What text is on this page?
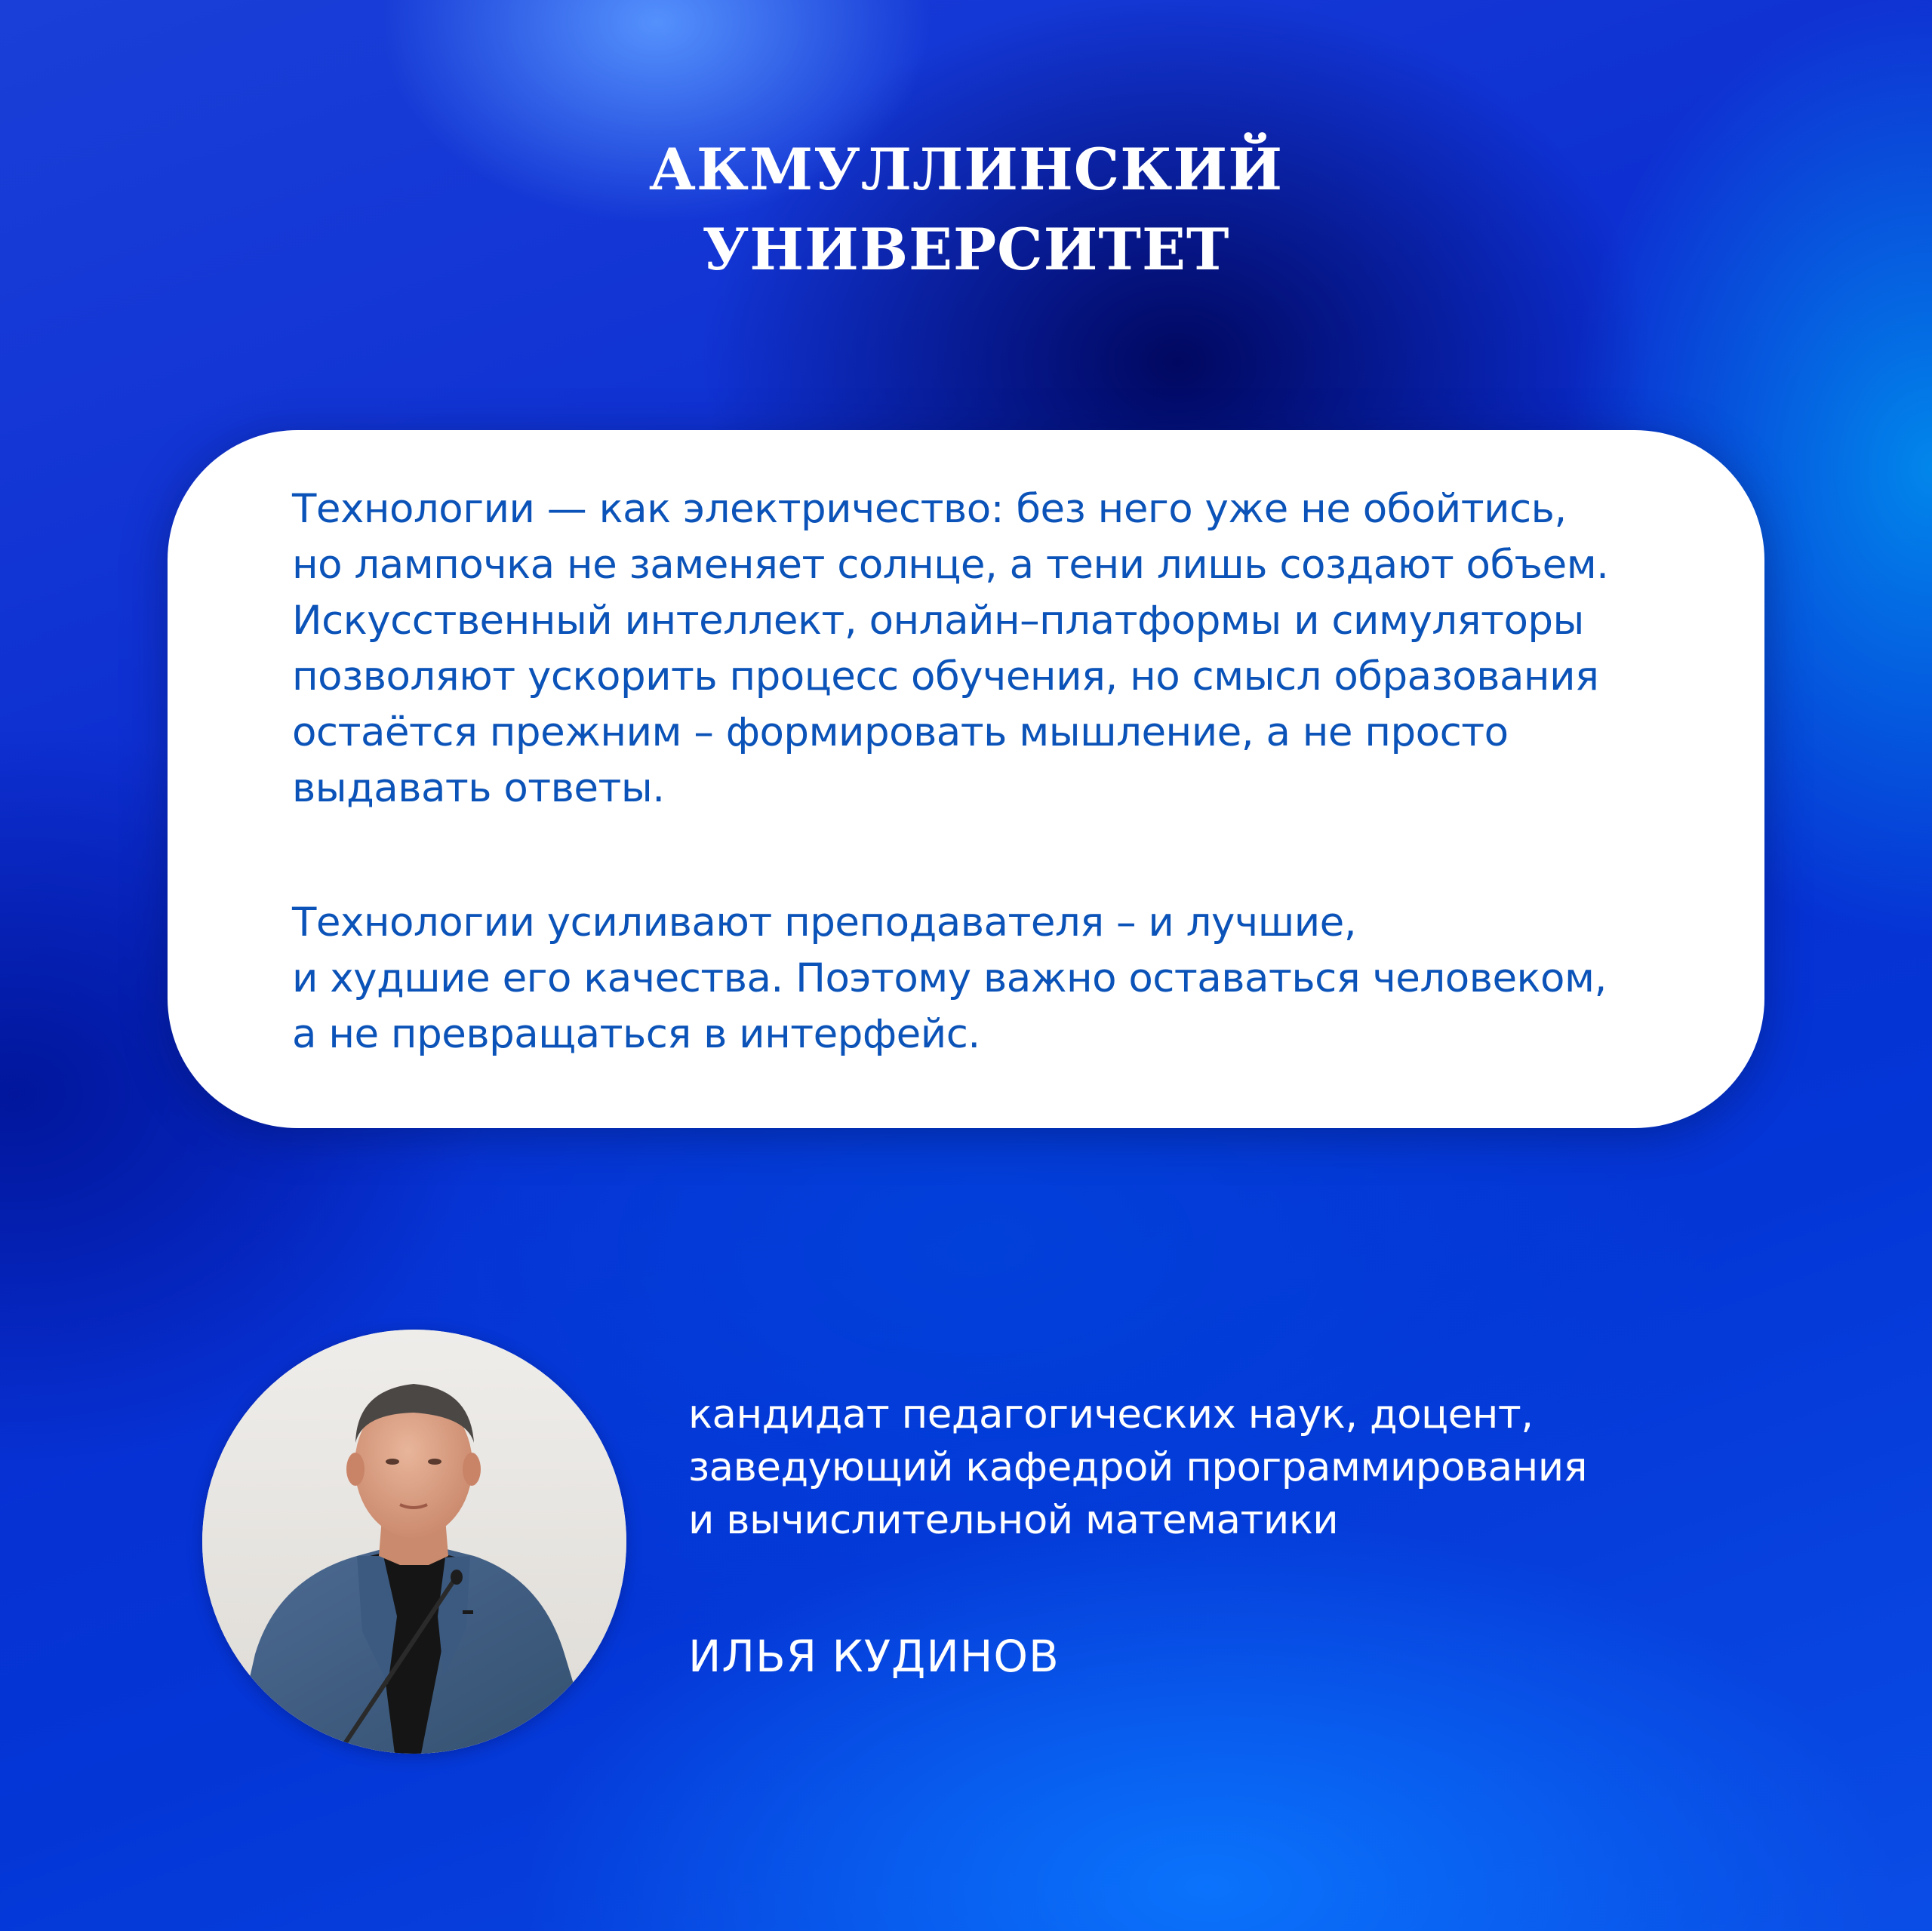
АКМУЛЛИНСКИЙ
УНИВЕРСИТЕТ

Технологии — как электричество: без него уже не обойтись,
но лампочка не заменяет солнце, а тени лишь создают объем.
Искусственный интеллект, онлайн–платформы и симуляторы
позволяют ускорить процесс обучения, но смысл образования
остаётся прежним – формировать мышление, а не просто
выдавать ответы.

Технологии усиливают преподавателя – и лучшие,
и худшие его качества. Поэтому важно оставаться человеком,
а не превращаться в интерфейс.

кандидат педагогических наук, доцент,
заведующий кафедрой программирования
и вычислительной математики

ИЛЬЯ КУДИНОВ
